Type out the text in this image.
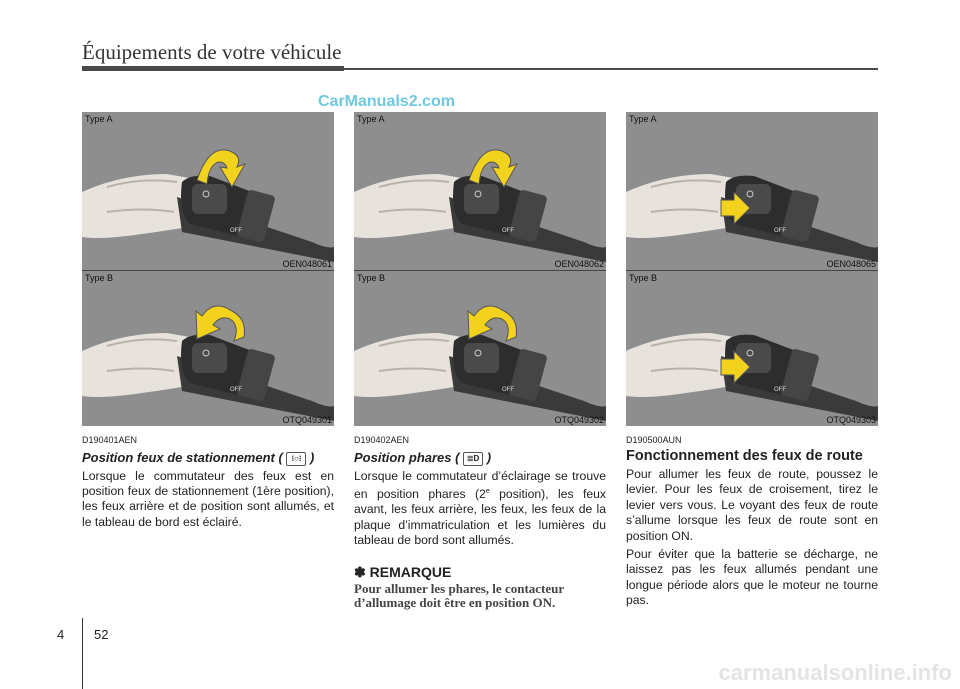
Équipements de votre véhicule
CarManuals2.com
OFF
Type A
OEN048061
OFF
Type B
OTQ049301
D190401AEN
Position feux de stationnement ( ⁝○⁝ )
Lorsque le commutateur des feux est en position feux de stationnement (1ère position), les feux arrière et de position sont allumés, et le tableau de bord est éclairé.
OFF
Type A
OEN048062
OFF
Type B
OTQ049302
D190402AEN
Position phares ( ≣D )
Lorsque le commutateur d’éclairage se trouve en position phares (2e position), les feux avant, les feux arrière, les feux, les feux de la plaque d’immatriculation et les lumières du tableau de bord sont allumés.
✽ REMARQUE
Pour allumer les phares, le contacteur d’allumage doit être en position ON.
OFF
Type A
OEN048065
OFF
Type B
OTQ049303
D190500AUN
Fonctionnement des feux de route
Pour allumer les feux de route, poussez le levier. Pour les feux de croisement, tirez le levier vers vous. Le voyant des feux de route s’allume lorsque les feux de route sont en position ON.
Pour éviter que la batterie se décharge, ne laissez pas les feux allumés pendant une longue période alors que le moteur ne tourne pas.
4 52
carmanualsonline.info
